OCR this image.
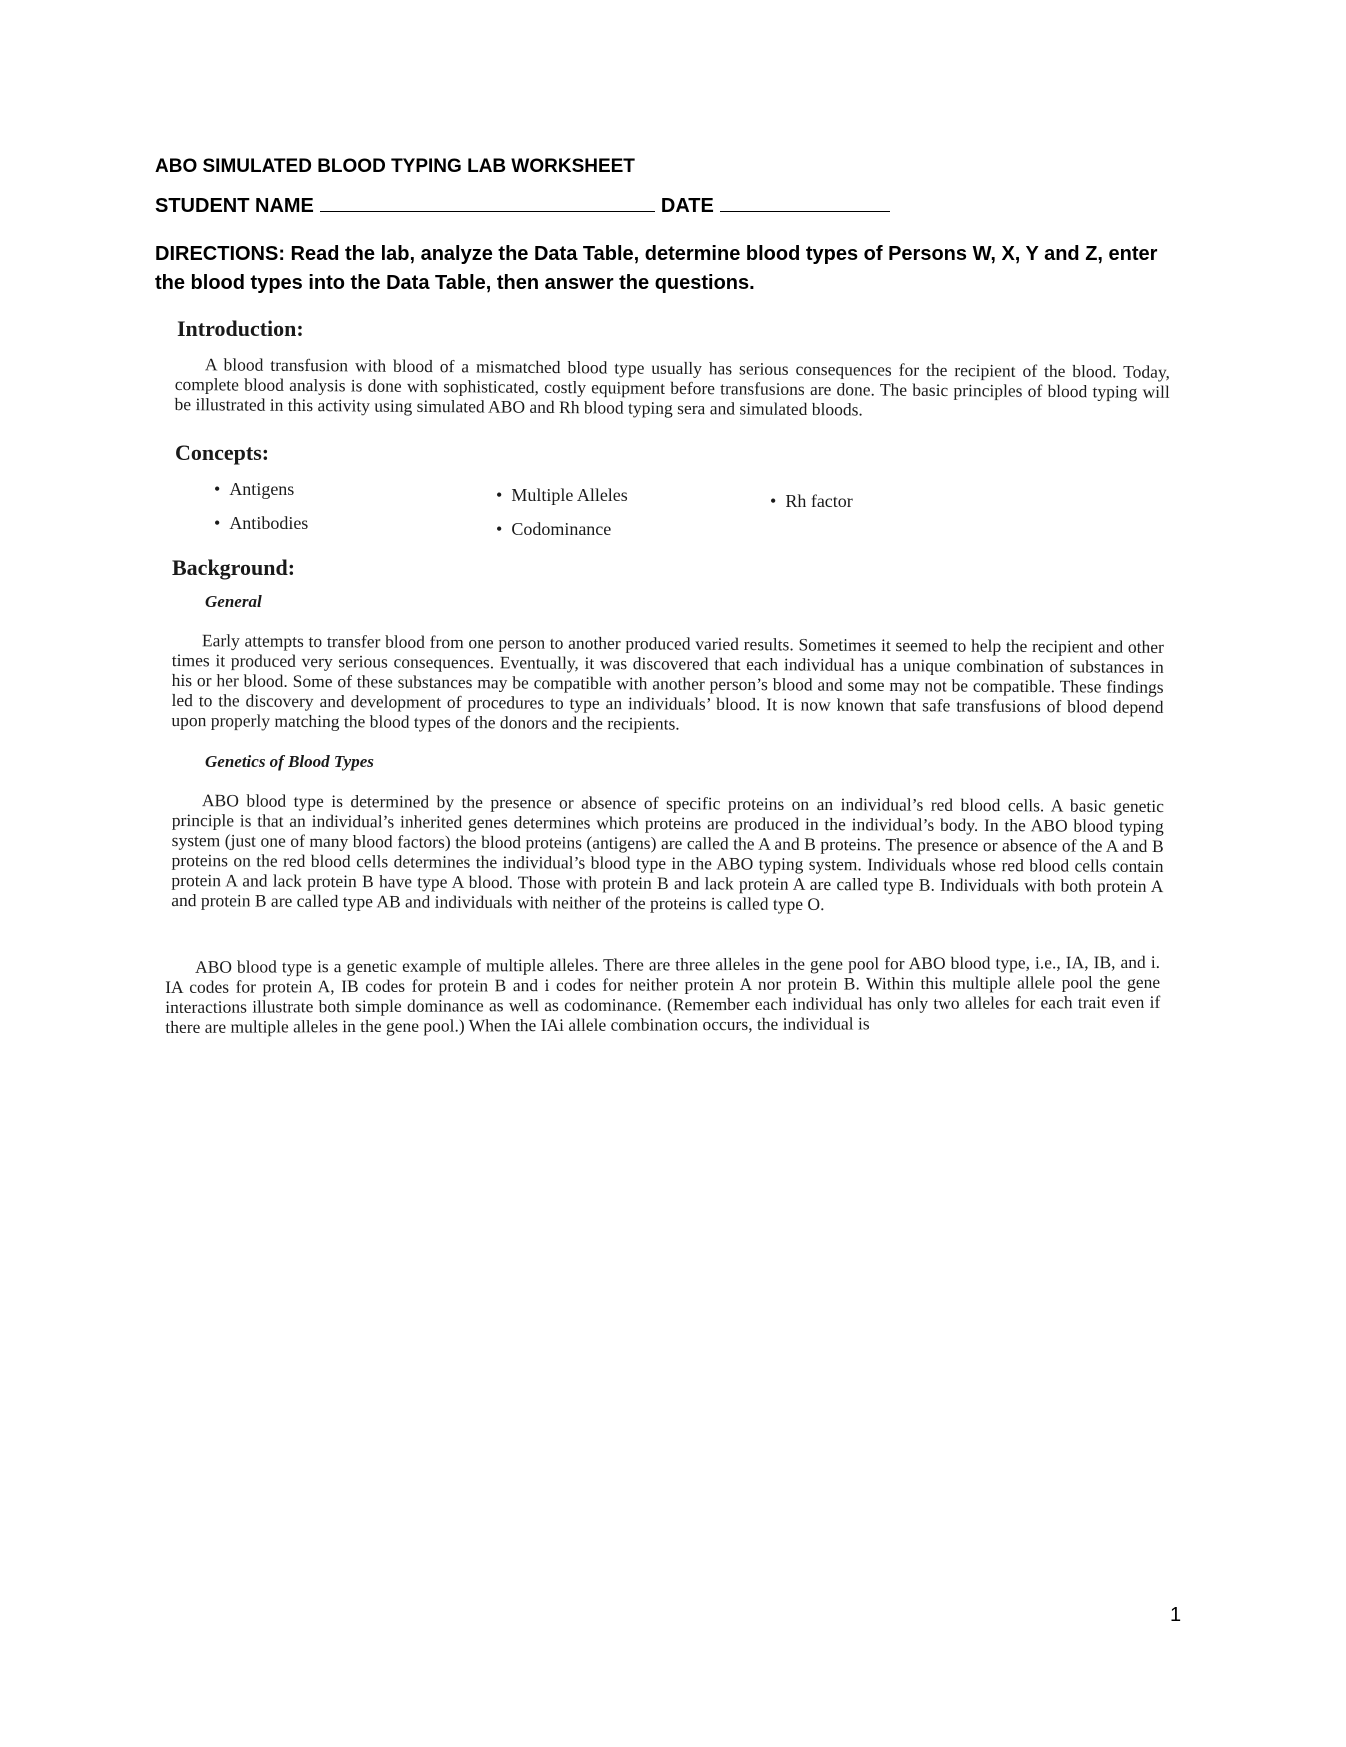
ABO SIMULATED BLOOD TYPING LAB WORKSHEET
STUDENT NAME	DATE
DIRECTIONS: Read the lab, analyze the Data Table, determine blood types of Persons W, X, Y and Z, enter the blood types into the Data Table, then answer the questions.
Introduction:
A blood transfusion with blood of a mismatched blood type usually has serious consequences for the recipient of the blood. Today, complete blood analysis is done with sophisticated, costly equipment before transfusions are done. The basic principles of blood typing will be illustrated in this activity using simulated ABO and Rh blood typing sera and simulated bloods.
Concepts:
• Antigens
• Antibodies
• Multiple Alleles
• Codominance
• Rh factor
Background:
General
Early attempts to transfer blood from one person to another produced varied results. Sometimes it seemed to help the recipient and other times it produced very serious consequences. Eventually, it was discovered that each individual has a unique combination of substances in his or her blood. Some of these substances may be compatible with another person’s blood and some may not be compatible. These findings led to the discovery and development of procedures to type an individuals’ blood. It is now known that safe transfusions of blood depend upon properly matching the blood types of the donors and the recipients.
Genetics of Blood Types
ABO blood type is determined by the presence or absence of specific proteins on an individual’s red blood cells. A basic genetic principle is that an individual’s inherited genes determines which proteins are produced in the individual’s body. In the ABO blood typing system (just one of many blood factors) the blood proteins (antigens) are called the A and B proteins. The presence or absence of the A and B proteins on the red blood cells determines the individual’s blood type in the ABO typing system. Individuals whose red blood cells contain protein A and lack protein B have type A blood. Those with protein B and lack protein A are called type B. Individuals with both protein A and protein B are called type AB and individuals with neither of the proteins is called type O.
ABO blood type is a genetic example of multiple alleles. There are three alleles in the gene pool for ABO blood type, i.e., IA, IB, and i. IA codes for protein A, IB codes for protein B and i codes for neither protein A nor protein B. Within this multiple allele pool the gene interactions illustrate both simple dominance as well as codominance. (Remember each individual has only two alleles for each trait even if there are multiple alleles in the gene pool.) When the IAi allele combination occurs, the individual is
1
